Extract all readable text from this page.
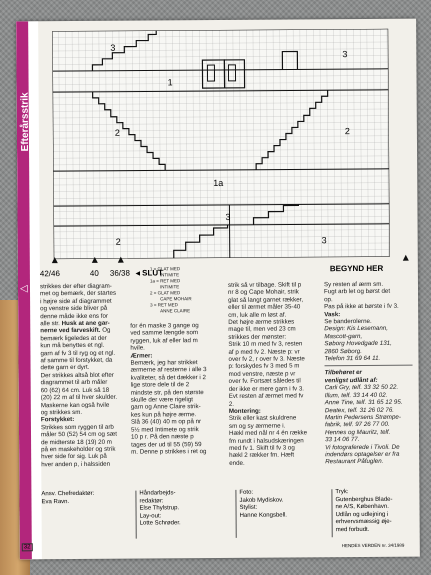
Efterårsstrik
◁
3
1
2	2
3
1a
3
2	3
42/46	40 36/38 ◂ SLUT	BEGYND HER
1 = GLAT MED
INTIMITE
1a = RET MED
INTIMITE
2 = GLAT MED
CAPE MOHAIR
3 = RET MED
ANNE CLAIRE
strikkes der efter diagram-
met og bemærk, der startes
i højre side af diagrammet
og venstre side bliver på
denne måde ikke ens for
alle str. Husk at ane gar-
nerne ved farveskift. Og
bemærk ligeledes at der
kun må benyttes et ngl.
garn af fv 3 til ryg og et ngl.
af samme til forstykket, da
dette garn er dyrt.
Der strikkes altså blot efter
diagrammet til arb måler
60 (62) 64 cm. Luk så 18
(20) 22 m af til hver skulder.
Maskerne kan også hvile
og strikkes sm.
Forstykket:
Strikkes som ryggen til arb
måler 50 (52) 54 cm og sæt
de midterste 18 (19) 20 m
på en maskeholder og strik
hver side for sig. Luk på
hver anden p, i halssiden
for én maske 3 gange og
ved samme længde som
ryggen, luk af eller lad m
hvile.
Ærmer:
Bemærk, jeg har strikket
ærmerne af resterne i alle 3
kvaliteter, så det dækker i 2
lige store dele til de 2
mindste str, på den største
skulle der være rigeligt
garn og Anne Claire strik-
kes kun på højre ærme.
Slå 36 (40) 40 m op på nr
5½ med Intimete og strik
10 p r. På den næste p
tages der ud til 55 (59) 59
m. Denne p strikkes i ret og
strik så vr tilbage. Skift til p
nr 8 og Cape Mohair, strik
glat så langt garnet rækker,
eller til ærmet måler 35-40
cm, luk alle m løst af.
Det højre ærme strikkes
mage til, men ved 23 cm
strikkes der mønster:
Strik 10 m med fv 3, resten
af p med fv 2. Næste p: vr
over fv 2, r over fv 3. Næste
p: forskydes fv 3 med 5 m
mod venstre, næste p vr
over fv. Fortsæt således til
der ikke er mere garn i fv 3.
Evt resten af ærmet med fv
2.
Montering:
Strik eller kast skuldrene
sm og sy ærmerne i.
Hækl med nål nr 4 én række
fm rundt i halsudskæringen
med fv 1. Skift til fv 3 og
hækl 2 rækker fm. Hæft
ende.
Sy resten af ærm sm.
Fugt arb let og børst det
op.
Pas på ikke at børste i fv 3.
Vask:
Se banderolerne.
Design: Kis Lesemann,
Mascott-garn,
Søborg Hovedgade 131,
2860 Søborg.
Telefon 31 69 64 11.
Tilbehøret er
venligst udlånt af:
Carli Gry, telf. 33 32 50 22.
Illum, telf. 33 14 40 02.
Anne Tine, telf. 31 65 12 95.
Deatex, telf. 31 26 02 76.
Martin Pedersens Strømpe-
fabrik, telf. 97 26 77 00.
Hennes og Mauritz, telf.
33 14 06 77.
Vi fotograferede i Tivoli. De
indendørs optagelser er fra
Restaurant Påfuglen.
Ansv. Chefredaktør:
Eva Ravn.
Håndarbejds-
redaktør:
Else Thylstrup.
Lay-out:
Lotte Schrøder.
Foto:
Jakob Mydiskov.
Stylist:
Hanne Kongsbell.
Tryk:
Gutenberghus Blade-
ne A/S, København.
Udlån og udlejning i
erhvervsmæssig øje-
med forbudt.
32	HENDES VERDEN nr. 34/1989
